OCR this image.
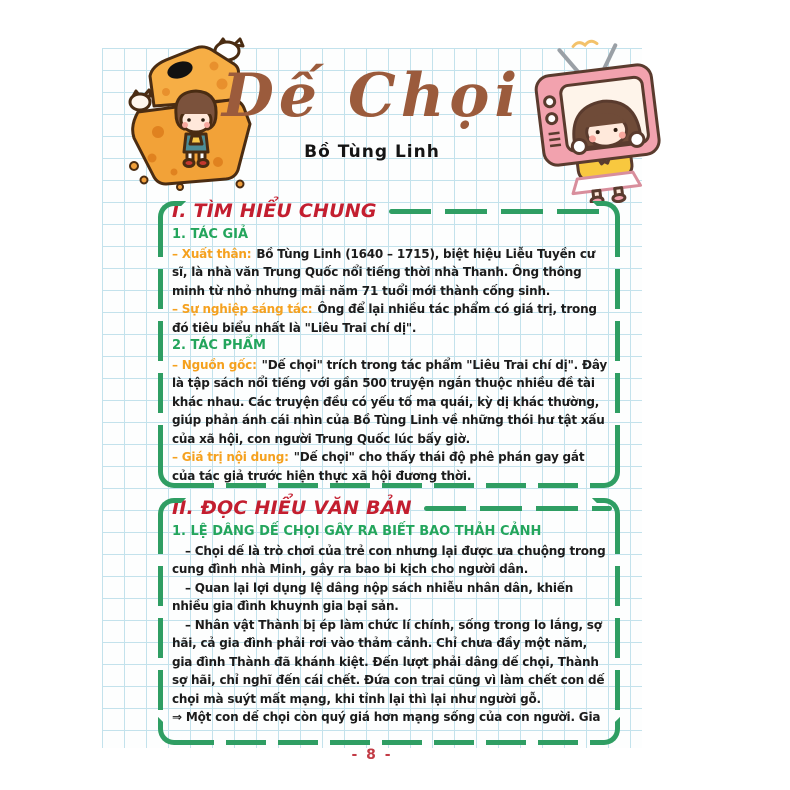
Dế Chọi
Bồ Tùng Linh
I. TÌM HIỂU CHUNG
1. TÁC GIẢ

– Xuất thân: Bồ Tùng Linh (1640 – 1715), biệt hiệu Liễu Tuyền cư sĩ, là nhà văn Trung Quốc nổi tiếng thời nhà Thanh. Ông thông minh từ nhỏ nhưng mãi năm 71 tuổi mới thành cống sinh.

– Sự nghiệp sáng tác: Ông để lại nhiều tác phẩm có giá trị, trong đó tiêu biểu nhất là "Liêu Trai chí dị".

2. TÁC PHẨM

– Nguồn gốc: "Dế chọi" trích trong tác phẩm "Liêu Trai chí dị". Đây là tập sách nổi tiếng với gần 500 truyện ngắn thuộc nhiều đề tài khác nhau. Các truyện đều có yếu tố ma quái, kỳ dị khác thường, giúp phản ánh cái nhìn của Bồ Tùng Linh về những thói hư tật xấu của xã hội, con người Trung Quốc lúc bấy giờ.

– Giá trị nội dung: "Dế chọi" cho thấy thái độ phê phán gay gắt của tác giả trước hiện thực xã hội đương thời.

II. ĐỌC HIỂU VĂN BẢN
1. LỆ DÂNG DẾ CHỌI GÂY RA BIẾT BAO THẢH CẢNH

– Chọi dế là trò chơi của trẻ con nhưng lại được ưa chuộng trong cung đình nhà Minh, gây ra bao bi kịch cho người dân.

– Quan lại lợi dụng lệ dâng nộp sách nhiễu nhân dân, khiến nhiều gia đình khuynh gia bại sản.

– Nhân vật Thành bị ép làm chức lí chính, sống trong lo lắng, sợ hãi, cả gia đình phải rơi vào thảm cảnh. Chỉ chưa đầy một năm, gia đình Thành đã khánh kiệt. Đến lượt phải dâng dế chọi, Thành sợ hãi, chỉ nghĩ đến cái chết. Đứa con trai cũng vì làm chết con dế chọi mà suýt mất mạng, khi tỉnh lại thì lại như người gỗ.

⇒ Một con dế chọi còn quý giá hơn mạng sống của con người. Gia

- 8 -
